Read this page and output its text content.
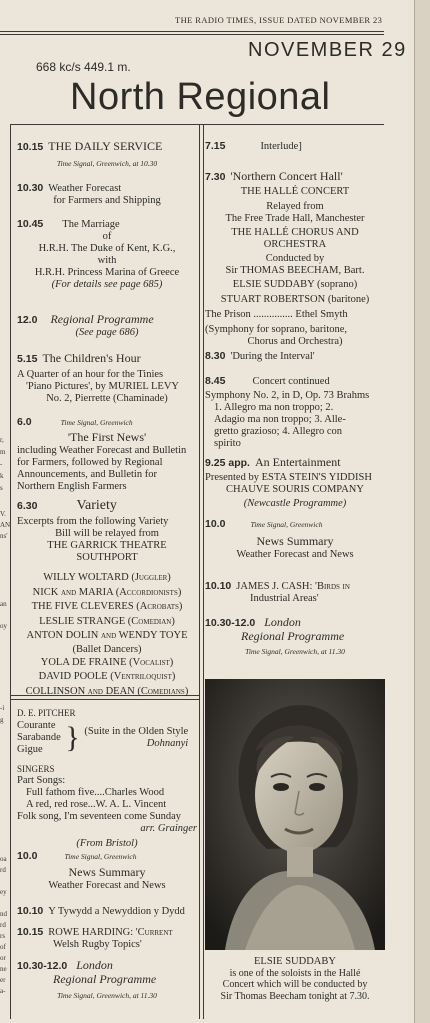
r,
m
-
k
s
V.
AN
ns'
an
oy
-i
g
oa
rd
ey
nd
rd
rs
of
or
ne
er
a-
THE RADIO TIMES, ISSUE DATED NOVEMBER 23
NOVEMBER 29
668 kc/s 449.1 m.
North Regional
10.15 THE DAILY SERVICE
Time Signal, Greenwich, at 10.30
10.30 Weather Forecast
for Farmers and Shipping
10.45 The Marriage
of
H.R.H. The Duke of Kent, K.G.,
with
H.R.H. Princess Marina of Greece
(For details see page 685)
12.0 Regional Programme
(See page 686)
5.15 The Children's Hour
A Quarter of an hour for the Tinies
'Piano Pictures', by MURIEL LEVY
No. 2, Pierrette (Chaminade)
6.0	Time Signal, Greenwich
'The First News'
including Weather Forecast and Bulletin
for Farmers, followed by Regional
Announcements, and Bulletin for
Northern English Farmers
6.30	Variety
Excerpts from the following Variety
Bill will be relayed from
THE GARRICK THEATRE
SOUTHPORT
WILLY WOLTARD (Juggler)
NICK and MARIA (Accordionists)
THE FIVE CLEVERES (Acrobats)
LESLIE STRANGE (Comedian)
ANTON DOLIN and WENDY TOYE
(Ballet Dancers)
YOLA DE FRAINE (Vocalist)
DAVID POOLE (Ventriloquist)
COLLINSON and DEAN (Comedians)
D. E. PITCHER
Courante
Sarabande
Gigue } (Suite in the Olden Style
Dohnanyi
SINGERS
Part Songs:
Full fathom five....Charles Wood
A red, red rose...W. A. L. Vincent
Folk song, I'm seventeen come Sunday
arr. Grainger
(From Bristol)
10.0	Time Signal, Greenwich
News Summary
Weather Forecast and News
10.10 Y Tywydd a Newyddion y Dydd
10.15 ROWE HARDING: 'Current
Welsh Rugby Topics'
10.30-12.0 London
Regional Programme
Time Signal, Greenwich, at 11.30
7.15	Interlude]
7.30 'Northern Concert Hall'
THE HALLÉ CONCERT
Relayed from
The Free Trade Hall, Manchester
THE HALLÉ CHORUS AND
ORCHESTRA
Conducted by
Sir THOMAS BEECHAM, Bart.
ELSIE SUDDABY (soprano)
STUART ROBERTSON (baritone)
The Prison ............... Ethel Smyth
(Symphony for soprano, baritone,
Chorus and Orchestra)
8.30 'During the Interval'
8.45	Concert continued
Symphony No. 2, in D, Op. 73 Brahms
1. Allegro ma non troppo; 2.
Adagio ma non troppo; 3. Alle-
gretto grazioso; 4. Allegro con
spirito
9.25 app. An Entertainment
Presented by ESTA STEIN'S YIDDISH
CHAUVE SOURIS COMPANY
(Newcastle Programme)
10.0	Time Signal, Greenwich
News Summary
Weather Forecast and News
10.10 JAMES J. CASH: 'Birds in
Industrial Areas'
10.30-12.0 London
Regional Programme
Time Signal, Greenwich, at 11.30
ELSIE SUDDABY
is one of the soloists in the Hallé
Concert which will be conducted by
Sir Thomas Beecham tonight at 7.30.
